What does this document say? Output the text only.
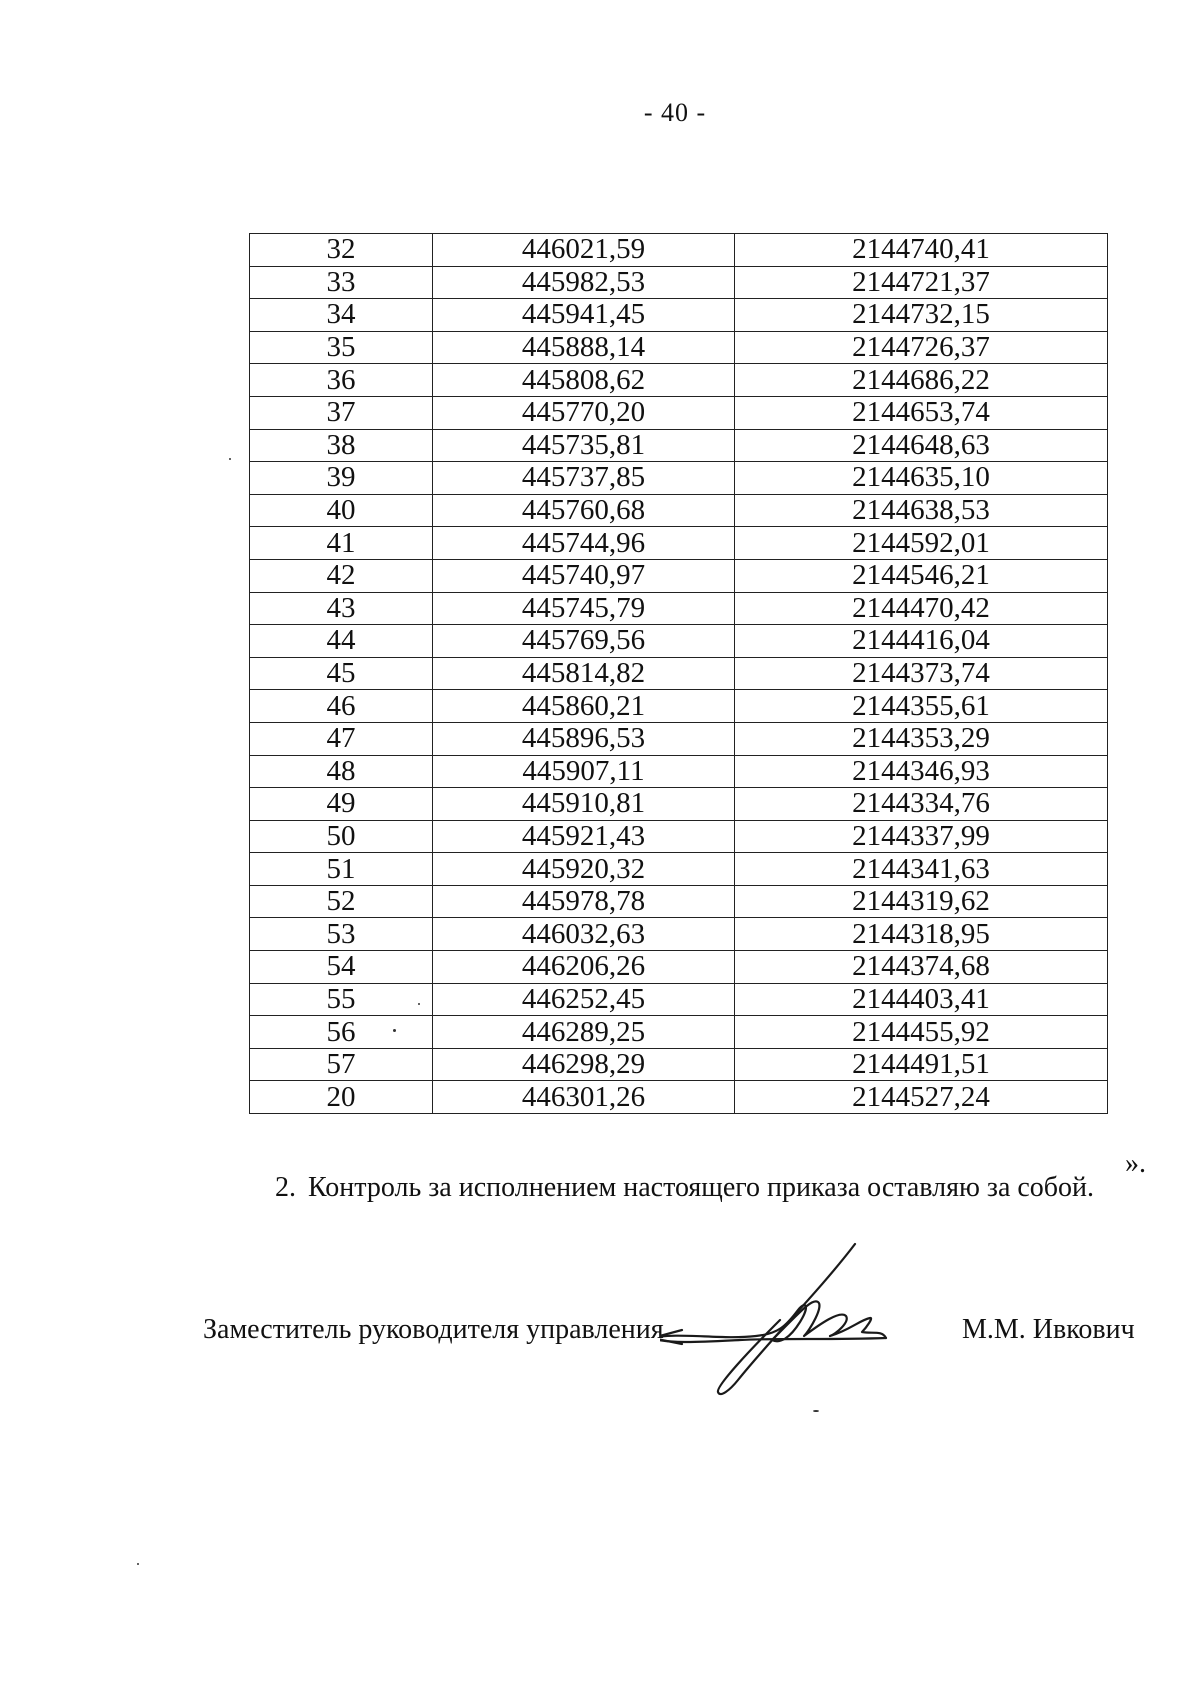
- 40 -
32	446021,59	2144740,41
33	445982,53	2144721,37
34	445941,45	2144732,15
35	445888,14	2144726,37
36	445808,62	2144686,22
37	445770,20	2144653,74
38	445735,81	2144648,63
39	445737,85	2144635,10
40	445760,68	2144638,53
41	445744,96	2144592,01
42	445740,97	2144546,21
43	445745,79	2144470,42
44	445769,56	2144416,04
45	445814,82	2144373,74
46	445860,21	2144355,61
47	445896,53	2144353,29
48	445907,11	2144346,93
49	445910,81	2144334,76
50	445921,43	2144337,99
51	445920,32	2144341,63
52	445978,78	2144319,62
53	446032,63	2144318,95
54	446206,26	2144374,68
55	446252,45	2144403,41
56	446289,25	2144455,92
57	446298,29	2144491,51
20	446301,26	2144527,24
».
2. Контроль за исполнением настоящего приказа оставляю за собой.
Заместитель руководителя управления	М.М. Ивкович
